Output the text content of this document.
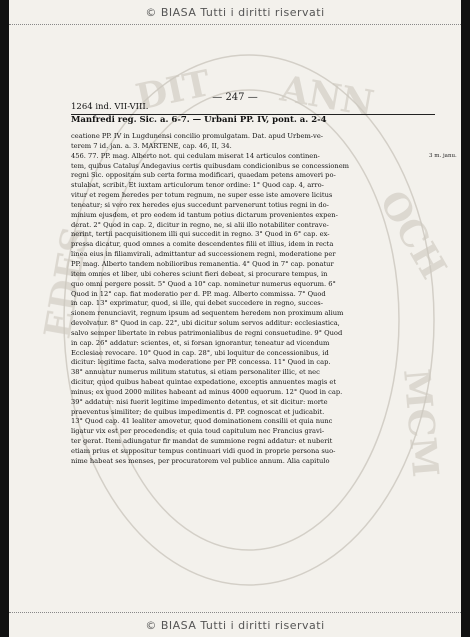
© BIASA Tutti i diritti riservati
DIT ANN
OCH
MCM
EDES
— 247 —
1264 ind. VII-VIII.
Manfredi reg. Sic. a. 6-7. — Urbani PP. IV, pont. a. 2-4
3 m. janu.
ceatione PP. IV in Lugdunensi concilio promulgatam. Dat. apud Urbem-ve-
terem 7 id. jan. a. 3. MARTENE, cap. 46, II, 34.
456. 77. PP. mag. Alberto not. qui cedulam miserat 14 articulos continen-
tem, quibus Catalus Andegavius certis quibusdam condicionibus se concessionem
regni Sic. oppositam sub certa forma modificari, quaedam petens amoveri po-
stulabat, scribit. Et iuxtam articulorum tenor ordine: 1° Quod cap. 4, arro-
vitur et regem heredes per totum regnum, ne super esse iste amovere licitus
teneatur; si vero rex heredes ejus succedunt parvenerunt totius regni in do-
minium ejusdem, et pro eodem id tantum potius dictarum provenientes expen-
derat. 2° Quod in cap. 2, dicitur in regno, ne, si alii illo notabiliter contrave-
nerint, tertii pacquisitionem illi qui succedit in regno. 3° Quod in 6° cap. ex-
pressa dicatur, quod omnes a comite descendentes filii et illius, idem in recta
linea eius in filiamvirali, admittantur ad successionem regni, moderatione per
PP. mag. Alberto tandem nobilioribus remanentia. 4° Quod in 7° cap. ponatur
item omnes et liber, ubi coheres sciunt fieri debeat, si procurare tempus, in
quo omni pergere possit. 5° Quod a 10° cap. nominetur numerus equorum. 6°
Quod in 12° cap. fiat moderatio per d. PP. mag. Alberto commissa. 7° Quod
in cap. 13° exprimatur, quod, si ille, qui debet succedere in regno, succes-
sionem renunciavit, regnum ipsum ad sequentem heredem non proximum alium
devolvatur. 8° Quod in cap. 22°, ubi dicitur solum servos additur: ecclesiastica,
salvo semper libertate in rebus patrimonialibus de regni consuetudine. 9° Quod
in cap. 26° addatur: scientes, et, si forsan ignorantur, teneatur ad vicendum
Ecclesiae revocare. 10° Quod in cap. 28°, ubi loquitur de concessionibus, id
dicitur: legitime facta, salva moderatione per PP. concessa. 11° Quod in cap.
38° annuatur numerus militum statutus, si etiam personaliter illic, et nec
dicitur, quod quibus habeat quintae expedatione, exceptis annuentes magis et
minus; ex quod 2000 milites habeant ad minus 4000 equorum. 12° Quod in cap.
39° addatur: nisi fuerit legitime impedimento detentus, et sit dicitur: morte
praeventus similiter; de quibus impedimentis d. PP. cognoscat et judicabit.
13° Quod cap. 41 lealiter amovetur, quod dominationem consilii et quia nunc
ligatur vix est per procedendis; et quia toud capitulum nec Francius gravi-
ter gerat. Item adiungatur fir mandat de summione regni addatur: et nuberit
etiam prius et suppositur tempus continuari vidi quod in proprie persona suo-
nime habeat ses menses, per procuratorem vel publice annum. Alia capitulo
© BIASA Tutti i diritti riservati
